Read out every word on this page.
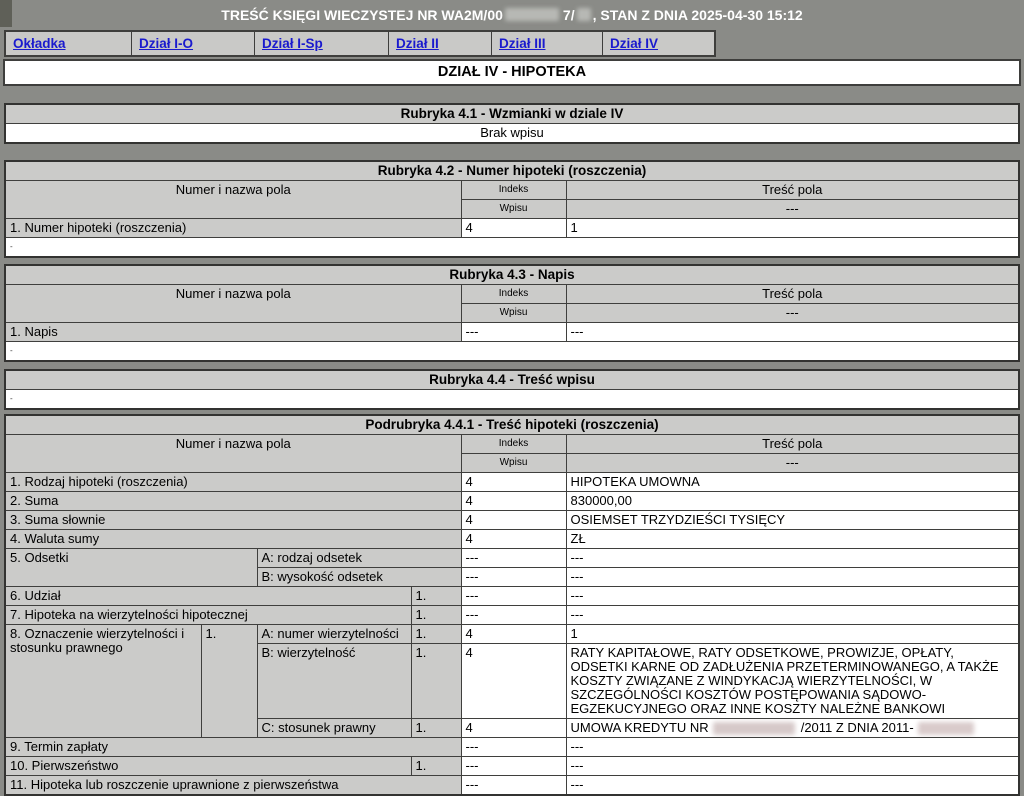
TREŚĆ KSIĘGI WIECZYSTEJ NR WA2M/00	7/ , STAN Z DNIA 2025-04-30 15:12
Okładka	Dział I-O	Dział I-Sp	Dział II	Dział III	Dział IV
DZIAŁ IV - HIPOTEKA
Rubryka 4.1 - Wzmianki w dziale IV
Brak wpisu
Rubryka 4.2 - Numer hipoteki (roszczenia)		
Numer i nazwa pola	Indeks	Treść pola
	Wpisu	---
1. Numer hipoteki (roszczenia)	4	1
-		
Rubryka 4.3 - Napis		
Numer i nazwa pola	Indeks	Treść pola
	Wpisu	---
1. Napis	---	---
-		
Rubryka 4.4 - Treść wpisu
-
Podrubryka 4.4.1 - Treść hipoteki (roszczenia)					
Numer i nazwa pola				Indeks	Treść pola
				Wpisu	---
1. Rodzaj hipoteki (roszczenia)				4	HIPOTEKA UMOWNA
2. Suma				4	830000,00
3. Suma słownie				4	OSIEMSET TRZYDZIEŚCI TYSIĘCY
4. Waluta sumy				4	ZŁ
5. Odsetki		A: rodzaj odsetek		---	---
		B: wysokość odsetek		---	---
6. Udział			1.	---	---
7. Hipoteka na wierzytelności hipotecznej			1.	---	---
8. Oznaczenie wierzytelności i stosunku prawnego	1.	A: numer wierzytelności	1.	4	1
		B: wierzytelność	1.	4	RATY KAPITAŁOWE, RATY ODSETKOWE, PROWIZJE, OPŁATY, ODSETKI KARNE OD ZADŁUŻENIA PRZETERMINOWANEGO, A TAKŻE KOSZTY ZWIĄZANE Z WINDYKACJĄ WIERZYTELNOŚCI, W SZCZEGÓLNOŚCI KOSZTÓW POSTĘPOWANIA SĄDOWO-EGZEKUCYJNEGO ORAZ INNE KOSZTY NALEŻNE BANKOWI
		C: stosunek prawny	1.	4	UMOWA KREDYTU NR /2011 Z DNIA 2011-
9. Termin zapłaty				---	---
10. Pierwszeństwo			1.	---	---
11. Hipoteka lub roszczenie uprawnione z pierwszeństwa				---	---
